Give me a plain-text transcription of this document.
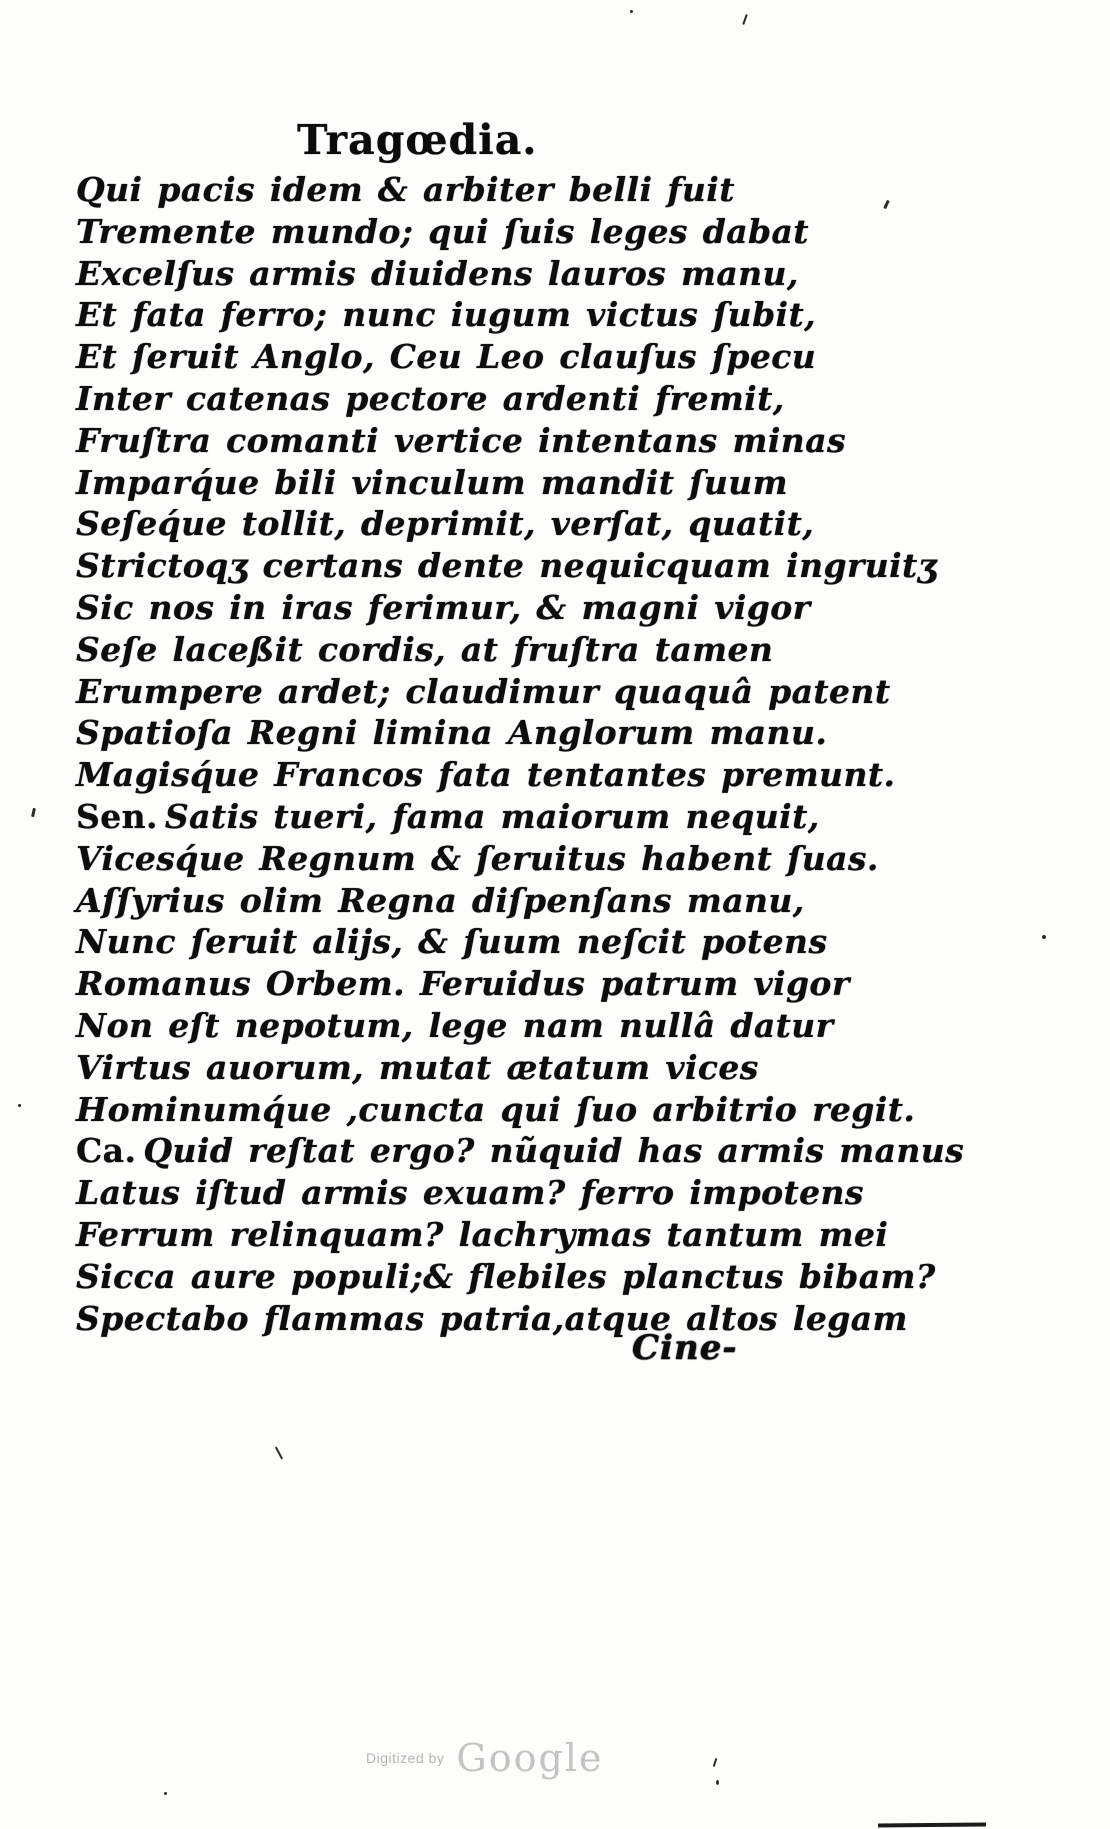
Tragœdia.
Qui pacis idem & arbiter belli fuit
Tremente mundo; qui ſuis leges dabat
Excelſus armis diuidens lauros manu,
Et fata ferro; nunc iugum victus ſubit,
Et ſeruit Anglo, Ceu Leo clauſus ſpecu
Inter catenas pectore ardenti fremit,
Fruſtra comanti vertice intentans minas
Imparq́ue bili vinculum mandit ſuum
Seſeq́ue tollit, deprimit, verſat, quatit,
Strictoqʒ certans dente nequicquam ingruitʒ
Sic nos in iras ferimur, & magni vigor
Seſe laceßit cordis, at fruſtra tamen
Erumpere ardet; claudimur quaquâ patent
Spatioſa Regni limina Anglorum manu.
Magisq́ue Francos fata tentantes premunt.
Sen. Satis tueri, fama maiorum nequit,
Vicesq́ue Regnum & ſeruitus habent ſuas.
Aſſyrius olim Regna diſpenſans manu,
Nunc ſeruit alijs, & ſuum neſcit potens
Romanus Orbem. Feruidus patrum vigor
Non eſt nepotum, lege nam nullâ datur
Virtus auorum, mutat ætatum vices
Hominumq́ue ,cuncta qui ſuo arbitrio regit.
Ca. Quid reſtat ergo? nũquid has armis manus
Latus iſtud armis exuam? ferro impotens
Ferrum relinquam? lachrymas tantum mei
Sicca aure populi;& flebiles planctus bibam?
Spectabo flammas patria,atque altos legam
Cine-
Digitized by Google
